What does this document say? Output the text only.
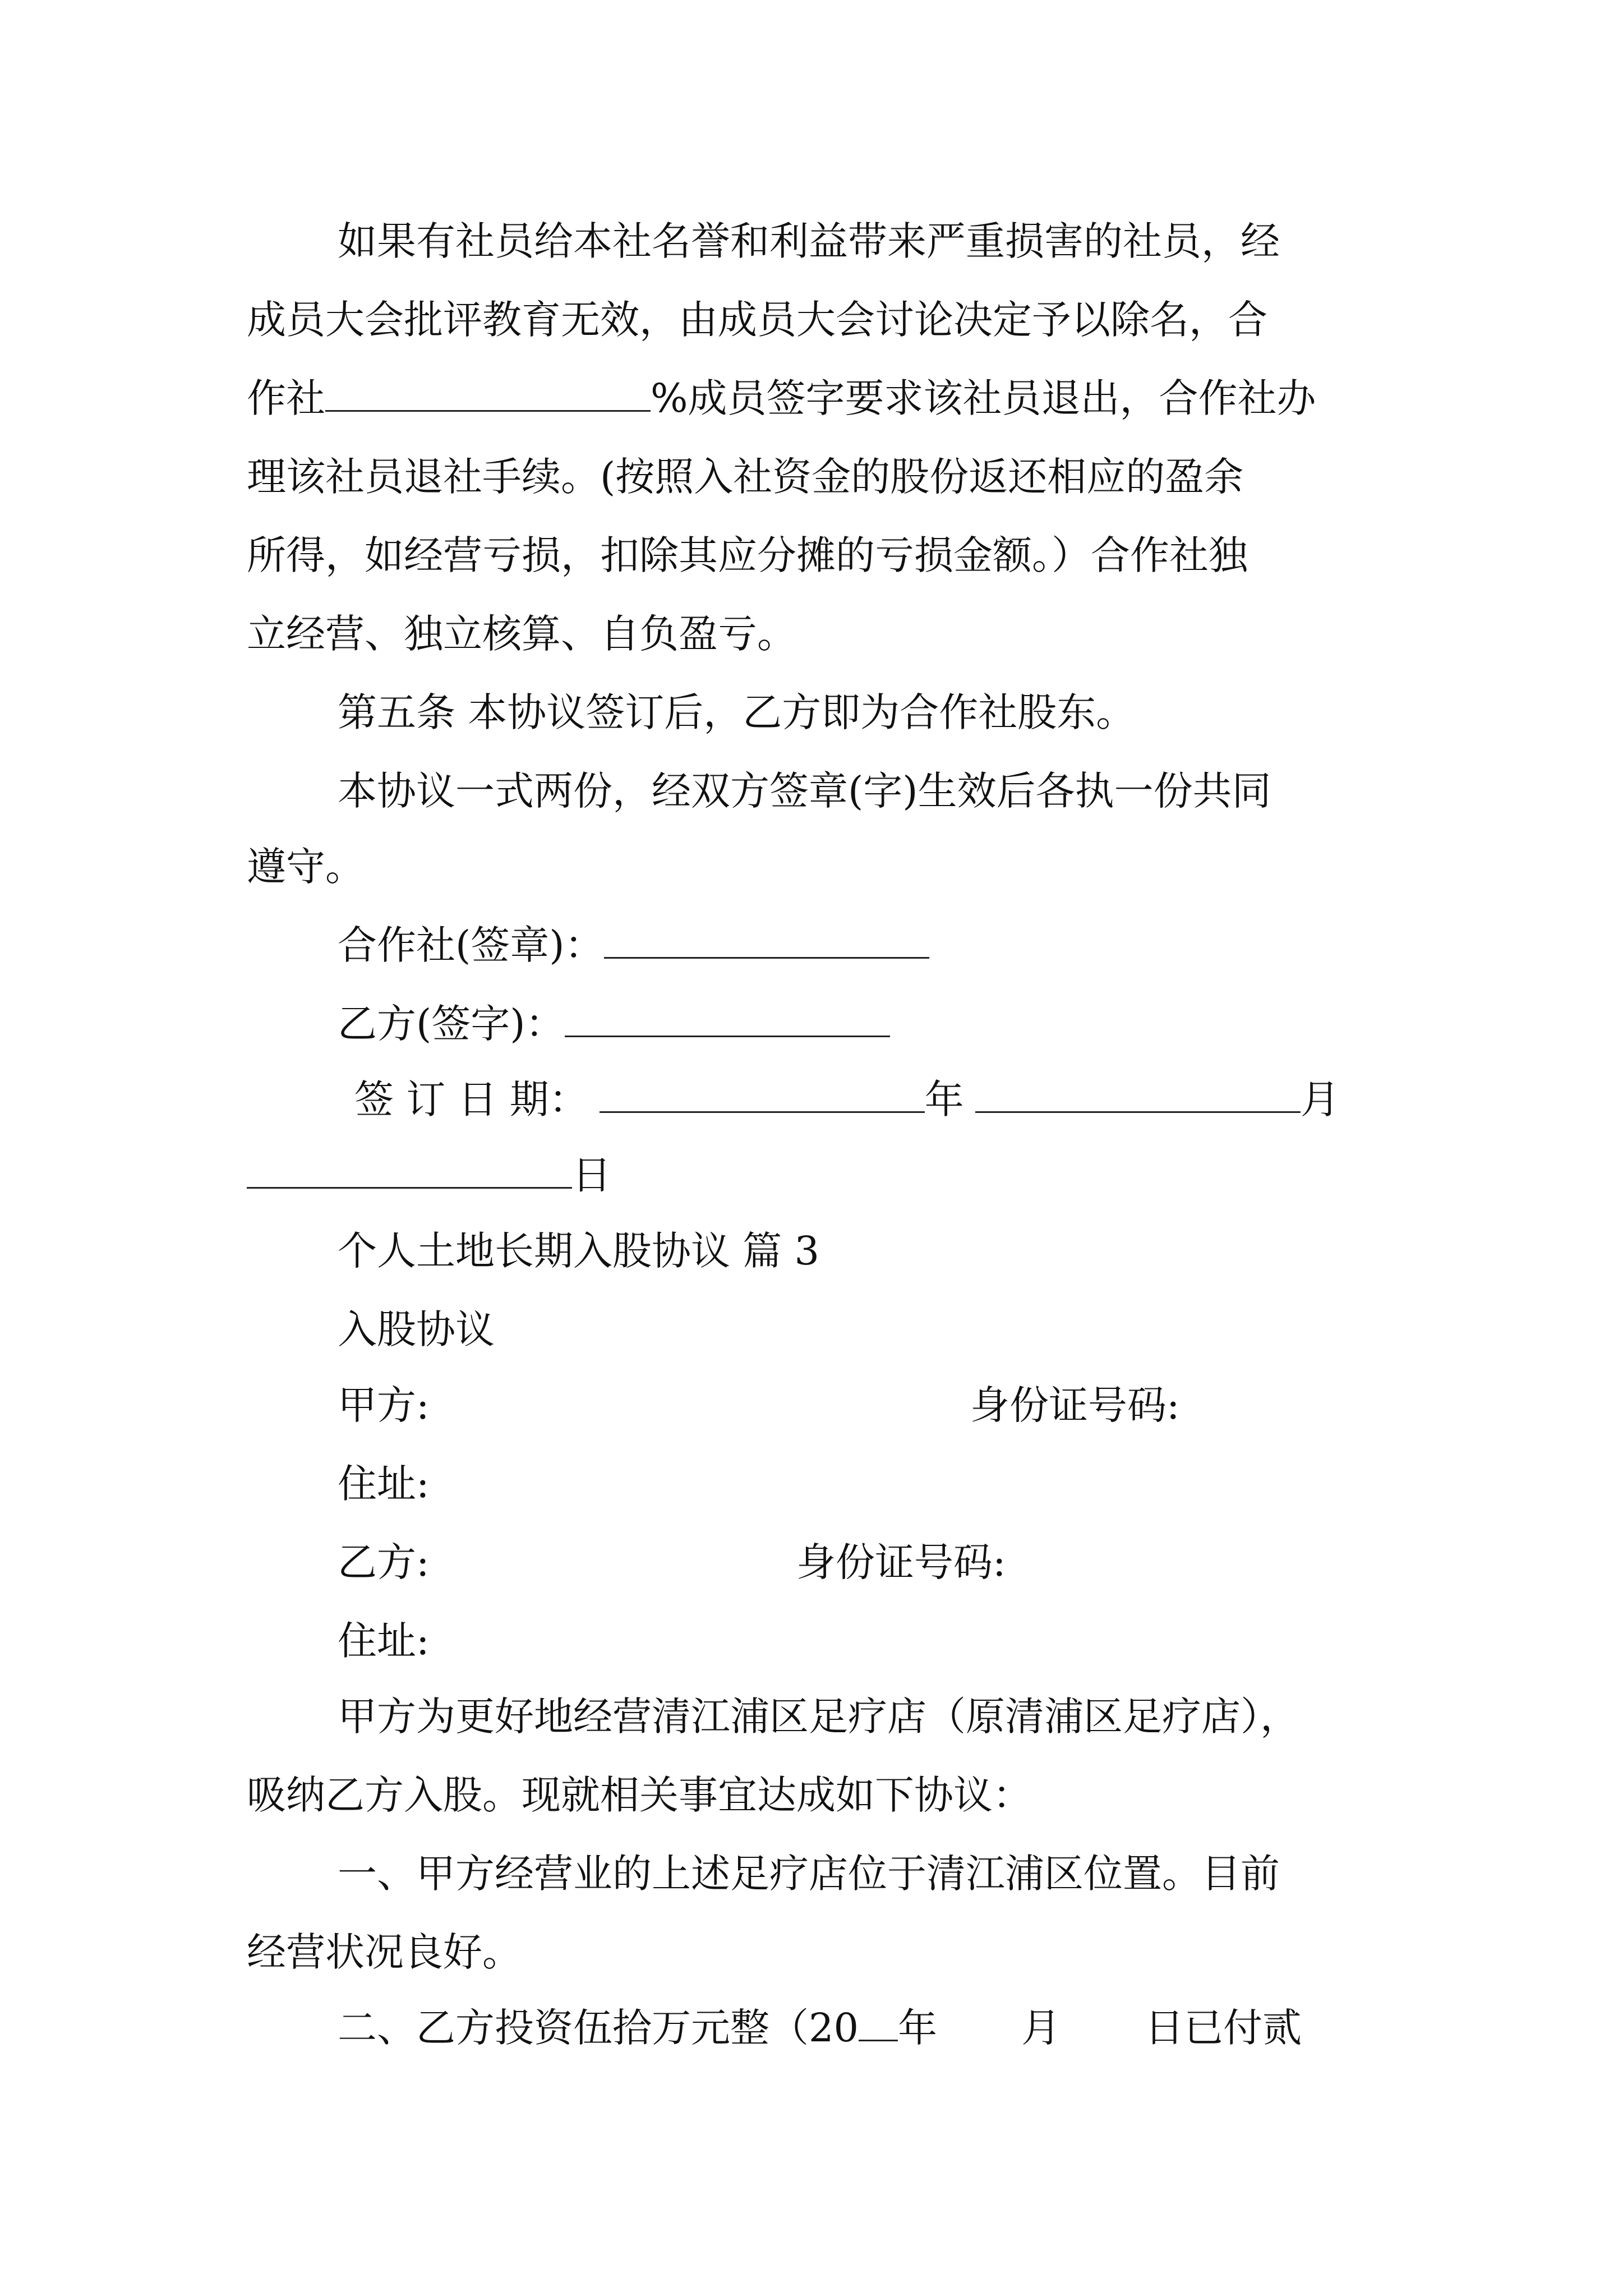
如果有社员给本社名誉和利益带来严重损害的社员，经
成员大会批评教育无效，由成员大会讨论决定予以除名，合
作社	%成员签字要求该社员退出，合作社办
理该社员退社手续。(按照入社资金的股份返还相应的盈余
所得，如经营亏损，扣除其应分摊的亏损金额。）合作社独
立经营、独立核算、自负盈亏。
第五条 本协议签订后，乙方即为合作社股东。
本协议一式两份，经双方签章(字)生效后各执一份共同
遵守。
合作社(签章)：
乙方(签字)：
签 订 日 期：	年	月
日
个人土地长期入股协议 篇 3
入股协议
甲方:	身份证号码:
住址:
乙方:	身份证号码:
住址:
甲方为更好地经营清江浦区足疗店（原清浦区足疗店），
吸纳乙方入股。现就相关事宜达成如下协议：
一、甲方经营业的上述足疗店位于清江浦区位置。目前
经营状况良好。
二、乙方投资伍拾万元整（20 年 月 日已付贰
